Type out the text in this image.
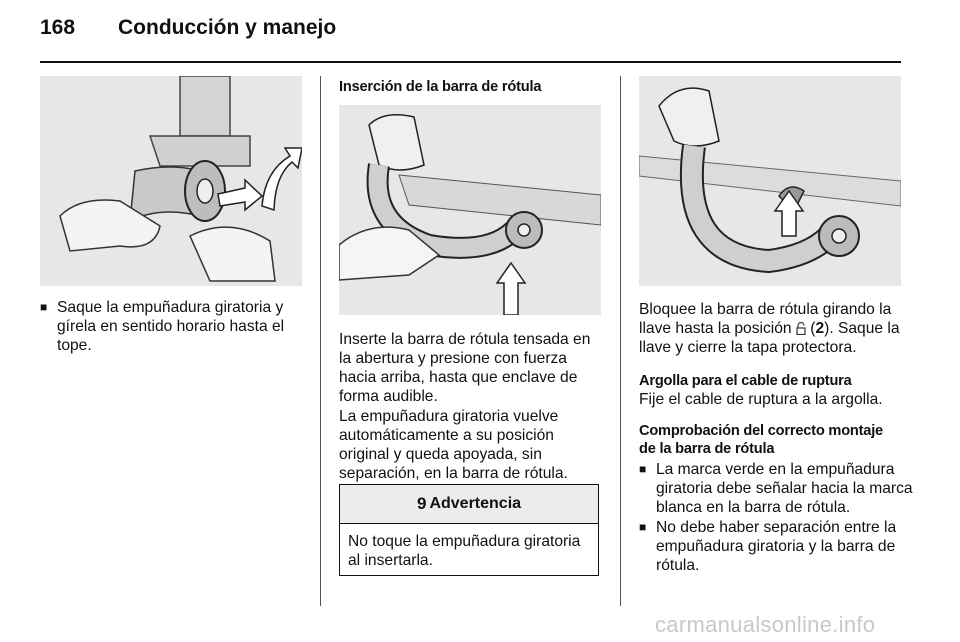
168 Conducción y manejo
■ Saque la empuñadura giratoria y gírela en sentido horario hasta el tope.
Inserción de la barra de rótula

Inserte la barra de rótula tensada en la abertura y presione con fuerza hacia arriba, hasta que enclave de forma audible.

La empuñadura giratoria vuelve automáticamente a su posición original y queda apoyada, sin separación, en la barra de rótula.

9 Advertencia
No toque la empuñadura giratoria al insertarla.

Bloquee la barra de rótula girando la llave hasta la posición  (2). Saque la llave y cierre la tapa protectora.

Argolla para el cable de ruptura

Fije el cable de ruptura a la argolla.

Comprobación del correcto montaje de la barra de rótula
■ La marca verde en la empuñadura giratoria debe señalar hacia la marca blanca en la barra de rótula.
■ No debe haber separación entre la empuñadura giratoria y la barra de rótula.
carmanualsonline.info
